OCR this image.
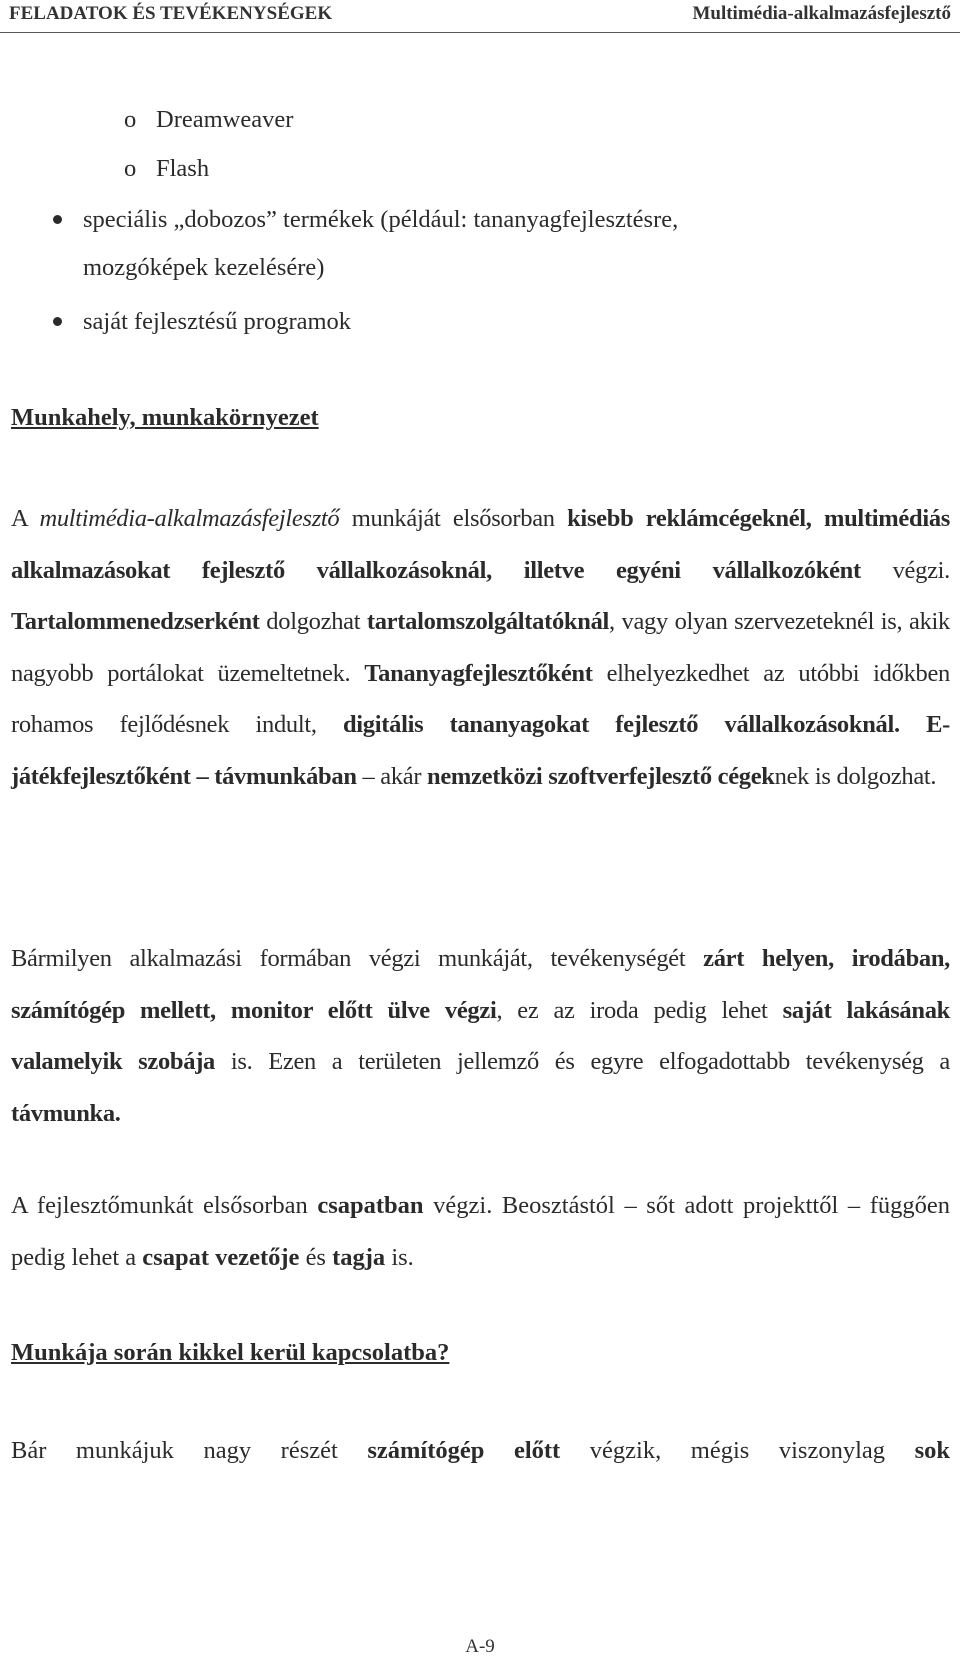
FELADATOK ÉS TEVÉKENYSÉGEK	Multimédia-alkalmazásfejlesztő
o Dreamweaver
o Flash
speciális „dobozos” termékek (például: tananyagfejlesztésre,
mozgóképek kezelésére)
saját fejlesztésű programok
Munkahely, munkakörnyezet
A multimédia-alkalmazásfejlesztő munkáját elsősorban kisebb reklámcégeknél, multimédiás alkalmazásokat fejlesztő vállalkozásoknál, illetve egyéni vállalkozóként végzi. Tartalommenedzserként dolgozhat tartalomszolgáltatóknál, vagy olyan szervezeteknél is, akik nagyobb portálokat üzemeltetnek. Tananyagfejlesztőként elhelyezkedhet az utóbbi időkben rohamos fejlődésnek indult, digitális tananyagokat fejlesztő vállalkozásoknál. E-játékfejlesztőként – távmunkában – akár nemzetközi szoftverfejlesztő cégeknek is dolgozhat.
Bármilyen alkalmazási formában végzi munkáját, tevékenységét zárt helyen, irodában, számítógép mellett, monitor előtt ülve végzi, ez az iroda pedig lehet saját lakásának valamelyik szobája is. Ezen a területen jellemző és egyre elfogadottabb tevékenység a távmunka.
A fejlesztőmunkát elsősorban csapatban végzi. Beosztástól – sőt adott projekttől – függően pedig lehet a csapat vezetője és tagja is.
Munkája során kikkel kerül kapcsolatba?
Bár munkájuk nagy részét számítógép előtt végzik, mégis viszonylag sok
A-9
